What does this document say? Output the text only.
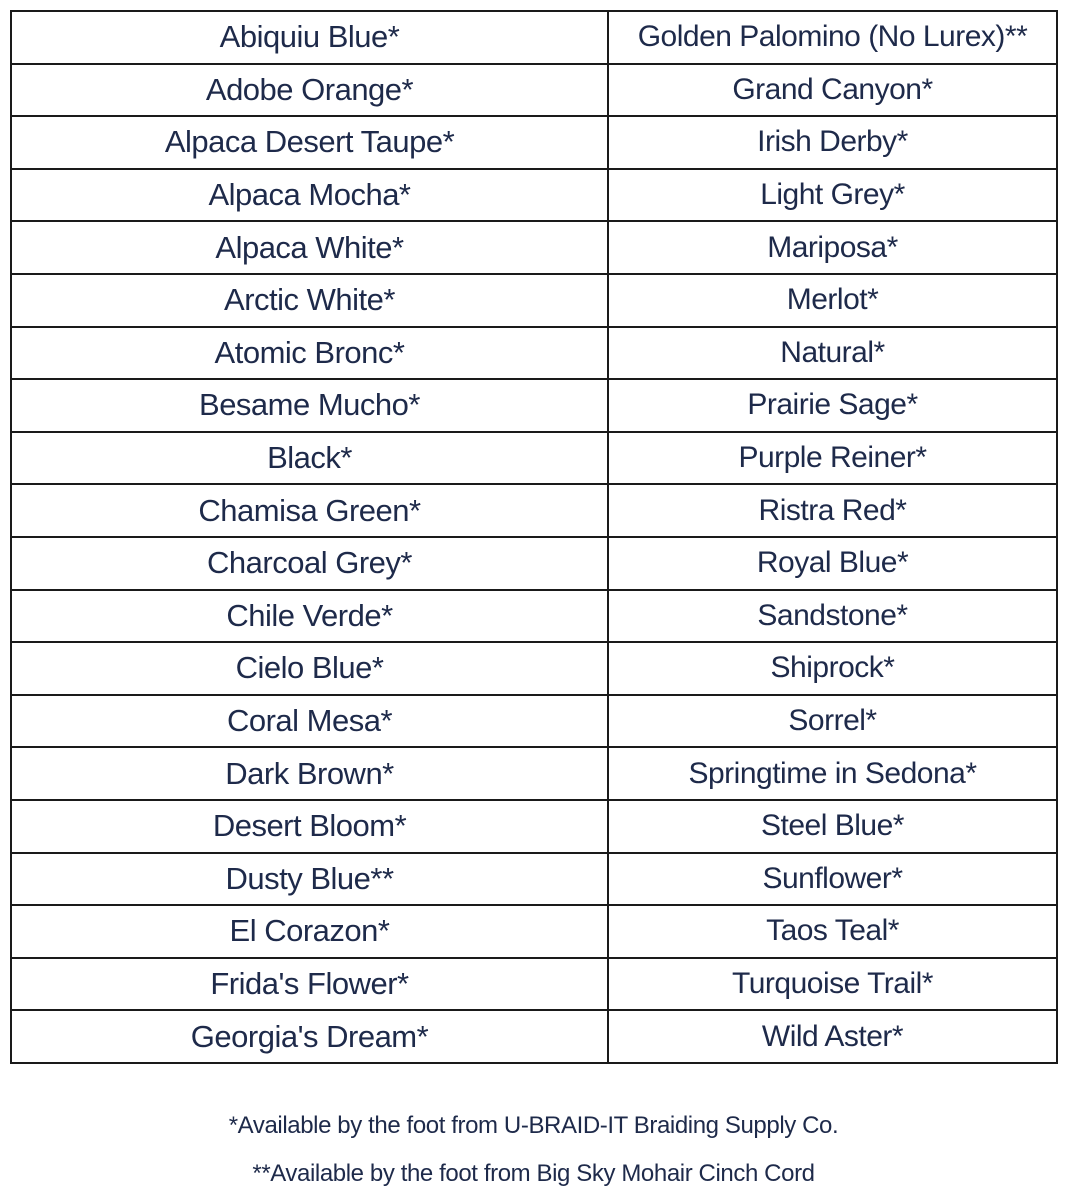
Abiquiu Blue*	Golden Palomino (No Lurex)**
Adobe Orange*	Grand Canyon*
Alpaca Desert Taupe*	Irish Derby*
Alpaca Mocha*	Light Grey*
Alpaca White*	Mariposa*
Arctic White*	Merlot*
Atomic Bronc*	Natural*
Besame Mucho*	Prairie Sage*
Black*	Purple Reiner*
Chamisa Green*	Ristra Red*
Charcoal Grey*	Royal Blue*
Chile Verde*	Sandstone*
Cielo Blue*	Shiprock*
Coral Mesa*	Sorrel*
Dark Brown*	Springtime in Sedona*
Desert Bloom*	Steel Blue*
Dusty Blue**	Sunflower*
El Corazon*	Taos Teal*
Frida's Flower*	Turquoise Trail*
Georgia's Dream*	Wild Aster*
*Available by the foot from U-BRAID-IT Braiding Supply Co.
**Available by the foot from Big Sky Mohair Cinch Cord
